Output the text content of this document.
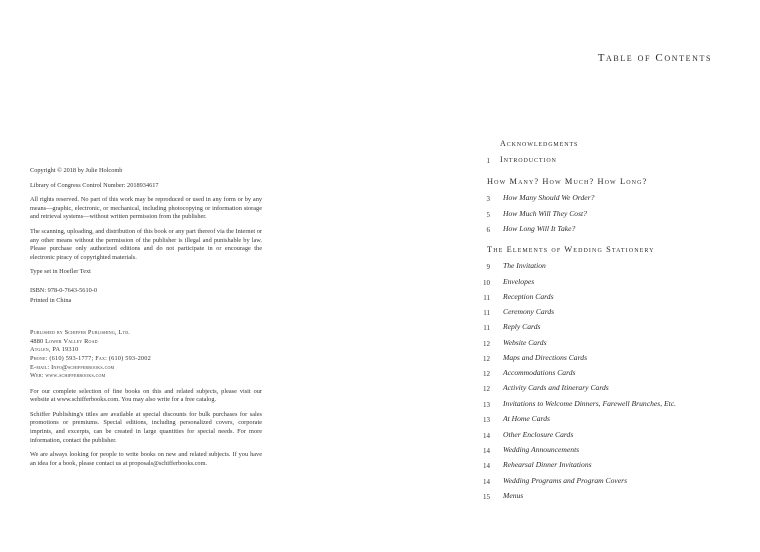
Copyright © 2018 by Julie Holcomb

Library of Congress Control Number: 2018934617

All rights reserved. No part of this work may be reproduced or used in any form or by any means—graphic, electronic, or mechanical, including photocopying or information storage and retrieval systems—without written permission from the publisher.

The scanning, uploading, and distribution of this book or any part thereof via the Internet or any other means without the permission of the publisher is illegal and punishable by law. Please purchase only authorized editions and do not participate in or encourage the electronic piracy of copyrighted materials.

Type set in Hoefler Text

ISBN: 978-0-7643-5610-0

Printed in China

Published by Schiffer Publishing, Ltd.
4880 Lower Valley Road
Atglen, PA 19310
Phone: (610) 593-1777; Fax: (610) 593-2002
E-mail: Info@schifferbooks.com
Web: www.schifferbooks.com

For our complete selection of fine books on this and related subjects, please visit our website at www.schifferbooks.com. You may also write for a free catalog.

Schiffer Publishing's titles are available at special discounts for bulk purchases for sales promotions or premiums. Special editions, including personalized covers, corporate imprints, and excerpts, can be created in large quantities for special needs. For more information, contact the publisher.

We are always looking for people to write books on new and related subjects. If you have an idea for a book, please contact us at proposals@schifferbooks.com.

Table of Contents
Acknowledgments
1 Introduction
How Many? How Much? How Long?
3 How Many Should We Order?
5 How Much Will They Cost?
6 How Long Will It Take?
The Elements of Wedding Stationery
9 The Invitation
10 Envelopes
11 Reception Cards
11 Ceremony Cards
11 Reply Cards
12 Website Cards
12 Maps and Directions Cards
12 Accommodations Cards
12 Activity Cards and Itinerary Cards
13 Invitations to Welcome Dinners, Farewell Brunches, Etc.
13 At Home Cards
14 Other Enclosure Cards
14 Wedding Announcements
14 Rehearsal Dinner Invitations
14 Wedding Programs and Program Covers
15 Menus
